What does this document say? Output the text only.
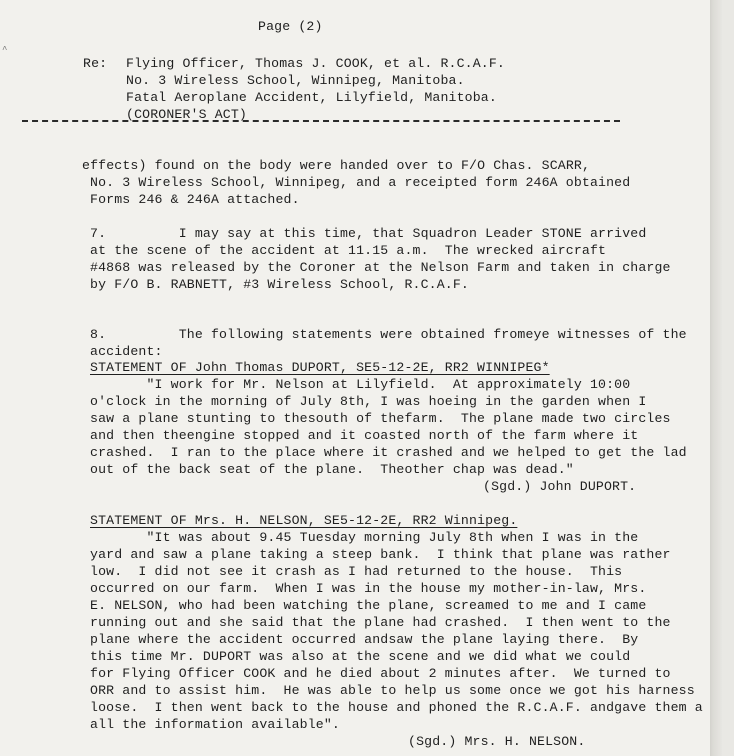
^
Page (2)
Re: Flying Officer, Thomas J. COOK, et al. R.C.A.F.
No. 3 Wireless School, Winnipeg, Manitoba.
Fatal Aeroplane Accident, Lilyfield, Manitoba.
(CORONER'S ACT)
effects) found on the body were handed over to F/O Chas. SCARR,
No. 3 Wireless School, Winnipeg, and a receipted form 246A obtained
Forms 246 & 246A attached.
7.         I may say at this time, that Squadron Leader STONE arrived
at the scene of the accident at 11.15 a.m.  The wrecked aircraft
#4868 was released by the Coroner at the Nelson Farm and taken in charge
by F/O B. RABNETT, #3 Wireless School, R.C.A.F.
8.         The following statements were obtained fromeye witnesses of the
accident:
STATEMENT OF John Thomas DUPORT, SE5-12-2E, RR2 WINNIPEG*
"I work for Mr. Nelson at Lilyfield.  At approximately 10:00
o'clock in the morning of July 8th, I was hoeing in the garden when I
saw a plane stunting to thesouth of thefarm.  The plane made two circles
and then theengine stopped and it coasted north of the farm where it
crashed.  I ran to the place where it crashed and we helped to get the lad
out of the back seat of the plane.  Theother chap was dead."
(Sgd.) John DUPORT.
STATEMENT OF Mrs. H. NELSON, SE5-12-2E, RR2 Winnipeg.
"It was about 9.45 Tuesday morning July 8th when I was in the
yard and saw a plane taking a steep bank.  I think that plane was rather
low.  I did not see it crash as I had returned to the house.  This
occurred on our farm.  When I was in the house my mother-in-law, Mrs.
E. NELSON, who had been watching the plane, screamed to me and I came
running out and she said that the plane had crashed.  I then went to the
plane where the accident occurred andsaw the plane laying there.  By
this time Mr. DUPORT was also at the scene and we did what we could
for Flying Officer COOK and he died about 2 minutes after.  We turned to
ORR and to assist him.  He was able to help us some once we got his harness
loose.  I then went back to the house and phoned the R.C.A.F. andgave them a
all the information available".
(Sgd.) Mrs. H. NELSON.
